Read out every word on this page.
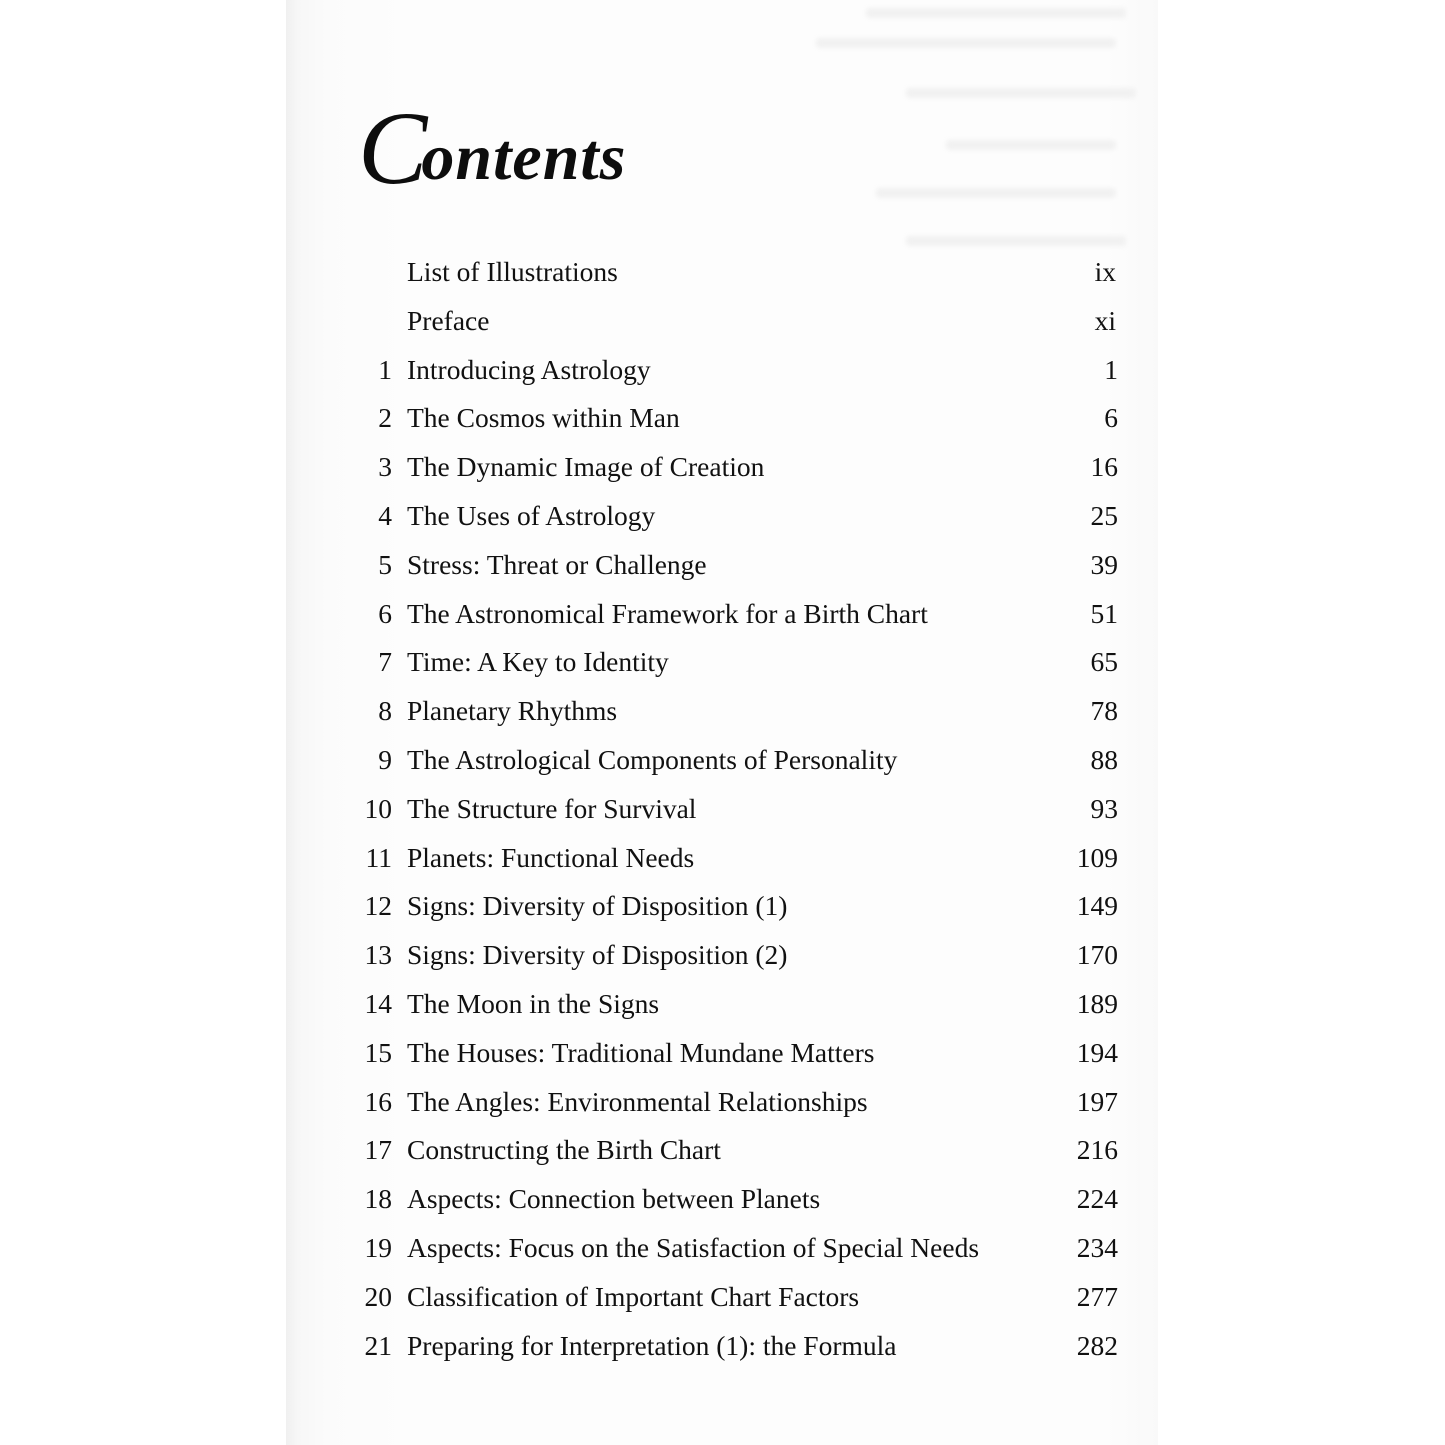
Contents
List of Illustrations	ix
Preface	xi
1 Introducing Astrology	1
2 The Cosmos within Man	6
3 The Dynamic Image of Creation	16
4 The Uses of Astrology	25
5 Stress: Threat or Challenge	39
6 The Astronomical Framework for a Birth Chart	51
7 Time: A Key to Identity	65
8 Planetary Rhythms	78
9 The Astrological Components of Personality	88
10 The Structure for Survival	93
11 Planets: Functional Needs	109
12 Signs: Diversity of Disposition (1)	149
13 Signs: Diversity of Disposition (2)	170
14 The Moon in the Signs	189
15 The Houses: Traditional Mundane Matters	194
16 The Angles: Environmental Relationships	197
17 Constructing the Birth Chart	216
18 Aspects: Connection between Planets	224
19 Aspects: Focus on the Satisfaction of Special Needs	234
20 Classification of Important Chart Factors	277
21 Preparing for Interpretation (1): the Formula	282
